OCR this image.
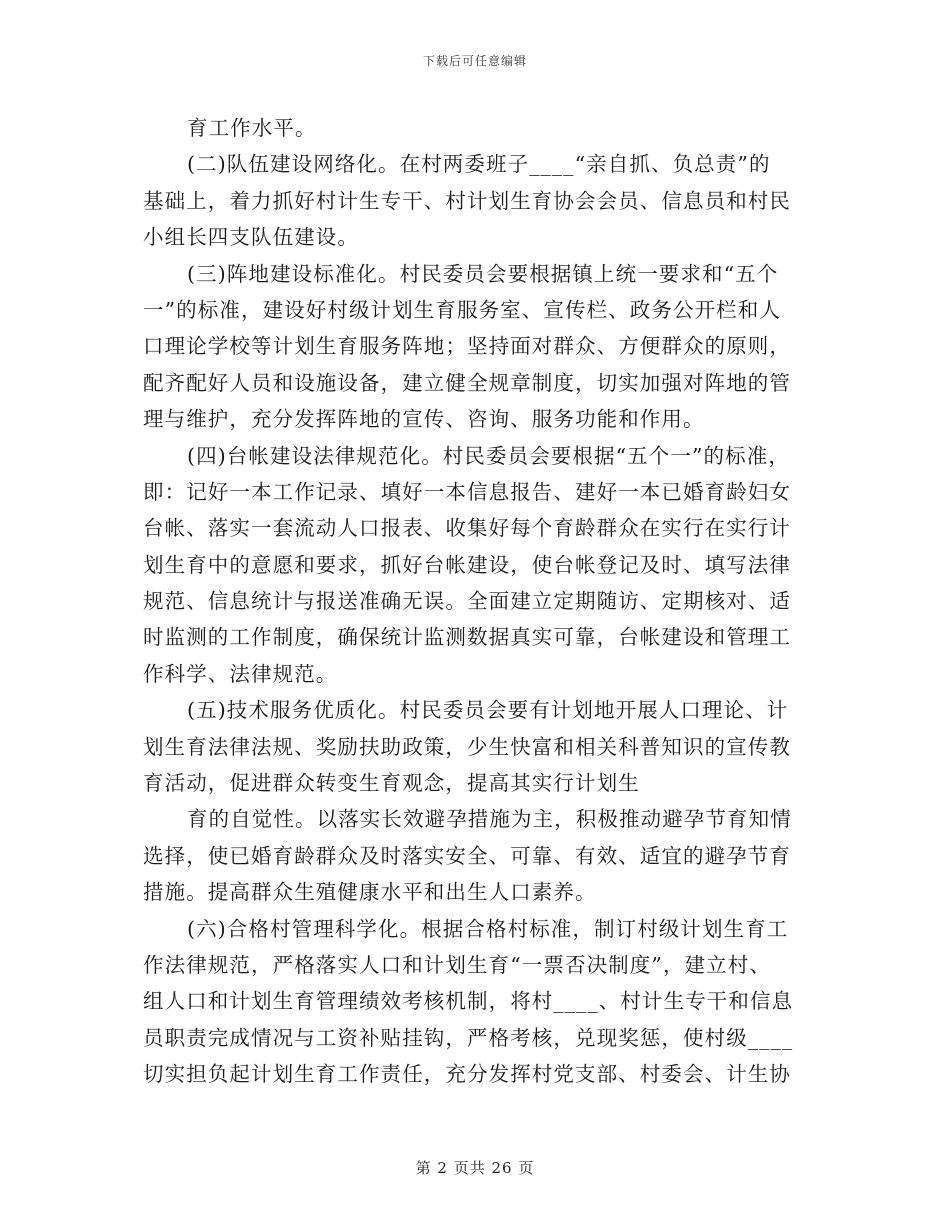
下载后可任意编辑
育工作水平。
(二)队伍建设网络化。在村两委班子____“亲自抓、负总责”的
基础上，着力抓好村计生专干、村计划生育协会会员、信息员和村民
小组长四支队伍建设。
(三)阵地建设标准化。村民委员会要根据镇上统一要求和“五个
一”的标准，建设好村级计划生育服务室、宣传栏、政务公开栏和人
口理论学校等计划生育服务阵地；坚持面对群众、方便群众的原则，
配齐配好人员和设施设备，建立健全规章制度，切实加强对阵地的管
理与维护，充分发挥阵地的宣传、咨询、服务功能和作用。
(四)台帐建设法律规范化。村民委员会要根据“五个一”的标准，
即：记好一本工作记录、填好一本信息报告、建好一本已婚育龄妇女
台帐、落实一套流动人口报表、收集好每个育龄群众在实行在实行计
划生育中的意愿和要求，抓好台帐建设，使台帐登记及时、填写法律
规范、信息统计与报送准确无误。全面建立定期随访、定期核对、适
时监测的工作制度，确保统计监测数据真实可靠，台帐建设和管理工
作科学、法律规范。
(五)技术服务优质化。村民委员会要有计划地开展人口理论、计
划生育法律法规、奖励扶助政策，少生快富和相关科普知识的宣传教
育活动，促进群众转变生育观念，提高其实行计划生
育的自觉性。以落实长效避孕措施为主，积极推动避孕节育知情
选择，使已婚育龄群众及时落实安全、可靠、有效、适宜的避孕节育
措施。提高群众生殖健康水平和出生人口素养。
(六)合格村管理科学化。根据合格村标准，制订村级计划生育工
作法律规范，严格落实人口和计划生育“一票否决制度”，建立村、
组人口和计划生育管理绩效考核机制，将村____、村计生专干和信息
员职责完成情况与工资补贴挂钩，严格考核，兑现奖惩，使村级____
切实担负起计划生育工作责任，充分发挥村党支部、村委会、计生协
第 2 页共 26 页
